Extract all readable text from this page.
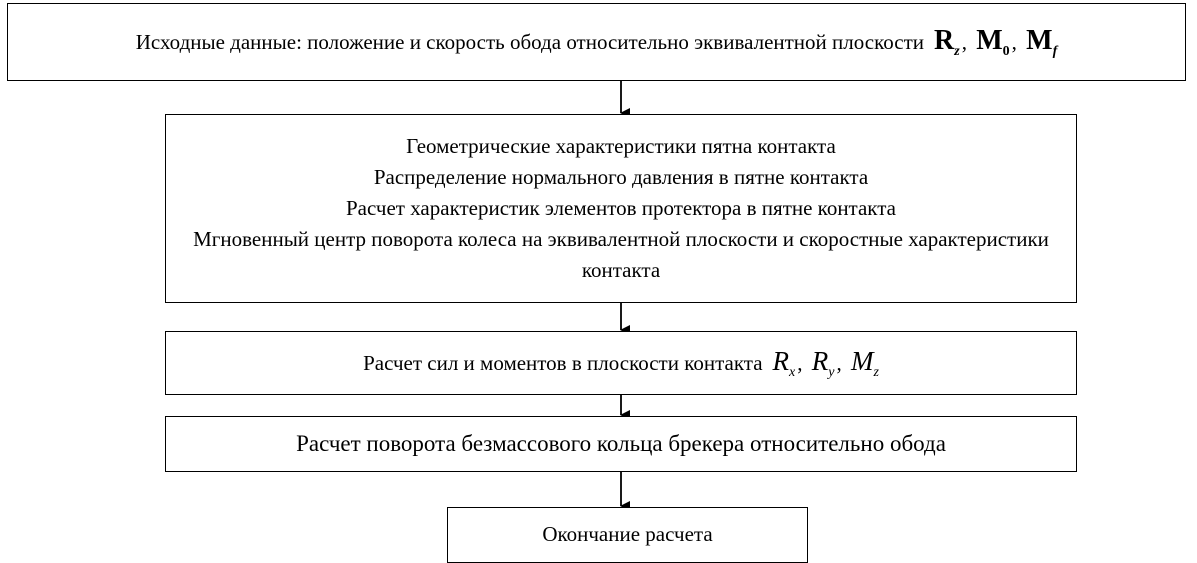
Исходные данные: положение и скорость обода относительно эквивалентной плоскости $R_z$, $M_0$, $M_f$
Геометрические характеристики пятна контакта
Распределение нормального давления в пятне контакта
Расчет характеристик элементов протектора в пятне контакта
Мгновенный центр поворота колеса на эквивалентной плоскости и скоростные характеристики контакта
Расчет сил и моментов в плоскости контакта $R_x$, $R_y$, $M_z$
Расчет поворота безмассового кольца брекера относительно обода
Окончание расчета
